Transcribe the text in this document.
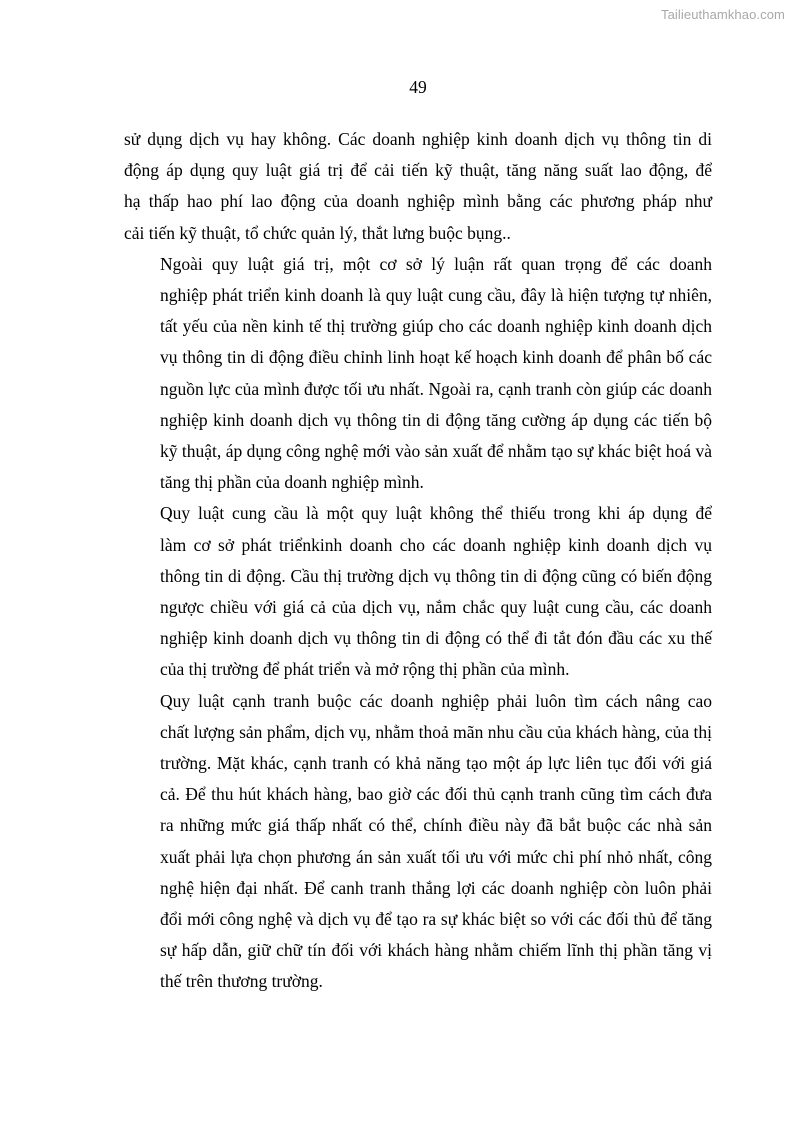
Tailieuthamkhao.com
49

sử dụng dịch vụ hay không. Các doanh nghiệp kinh doanh dịch vụ thông tin di
động áp dụng quy luật giá trị để cải tiến kỹ thuật, tăng năng suất lao động, để
hạ thấp hao phí lao động của doanh nghiệp mình bằng các phương pháp như
cải tiến kỹ thuật, tổ chức quản lý, thắt lưng buộc bụng..

Ngoài quy luật giá trị, một cơ sở lý luận rất quan trọng để các doanh
nghiệp phát triển kinh doanh là quy luật cung cầu, đây là hiện tượng tự nhiên,
tất yếu của nền kinh tế thị trường giúp cho các doanh nghiệp kinh doanh dịch
vụ thông tin di động điều chỉnh linh hoạt kế hoạch kinh doanh để phân bố các
nguồn lực của mình được tối ưu nhất. Ngoài ra, cạnh tranh còn giúp các doanh
nghiệp kinh doanh dịch vụ thông tin di động tăng cường áp dụng các tiến bộ
kỹ thuật, áp dụng công nghệ mới vào sản xuất để nhằm tạo sự khác biệt hoá và
tăng thị phần của doanh nghiệp mình.

Quy luật cung cầu là một quy luật không thể thiếu trong khi áp dụng để
làm cơ sở phát triểnkinh doanh cho các doanh nghiệp kinh doanh dịch vụ
thông tin di động. Cầu thị trường dịch vụ thông tin di động cũng có biến động
ngược chiều với giá cả của dịch vụ, nắm chắc quy luật cung cầu, các doanh
nghiệp kinh doanh dịch vụ thông tin di động có thể đi tắt đón đầu các xu thế
của thị trường để phát triển và mở rộng thị phần của mình.

Quy luật cạnh tranh buộc các doanh nghiệp phải luôn tìm cách nâng cao
chất lượng sản phẩm, dịch vụ, nhằm thoả mãn nhu cầu của khách hàng, của thị
trường. Mặt khác, cạnh tranh có khả năng tạo một áp lực liên tục đối với giá
cả. Để thu hút khách hàng, bao giờ các đối thủ cạnh tranh cũng tìm cách đưa
ra những mức giá thấp nhất có thể, chính điều này đã bắt buộc các nhà sản
xuất phải lựa chọn phương án sản xuất tối ưu với mức chi phí nhỏ nhất, công
nghệ hiện đại nhất. Để canh tranh thắng lợi các doanh nghiệp còn luôn phải
đổi mới công nghệ và dịch vụ để tạo ra sự khác biệt so với các đối thủ để tăng
sự hấp dẫn, giữ chữ tín đối với khách hàng nhằm chiếm lĩnh thị phần tăng vị
thế trên thương trường.
